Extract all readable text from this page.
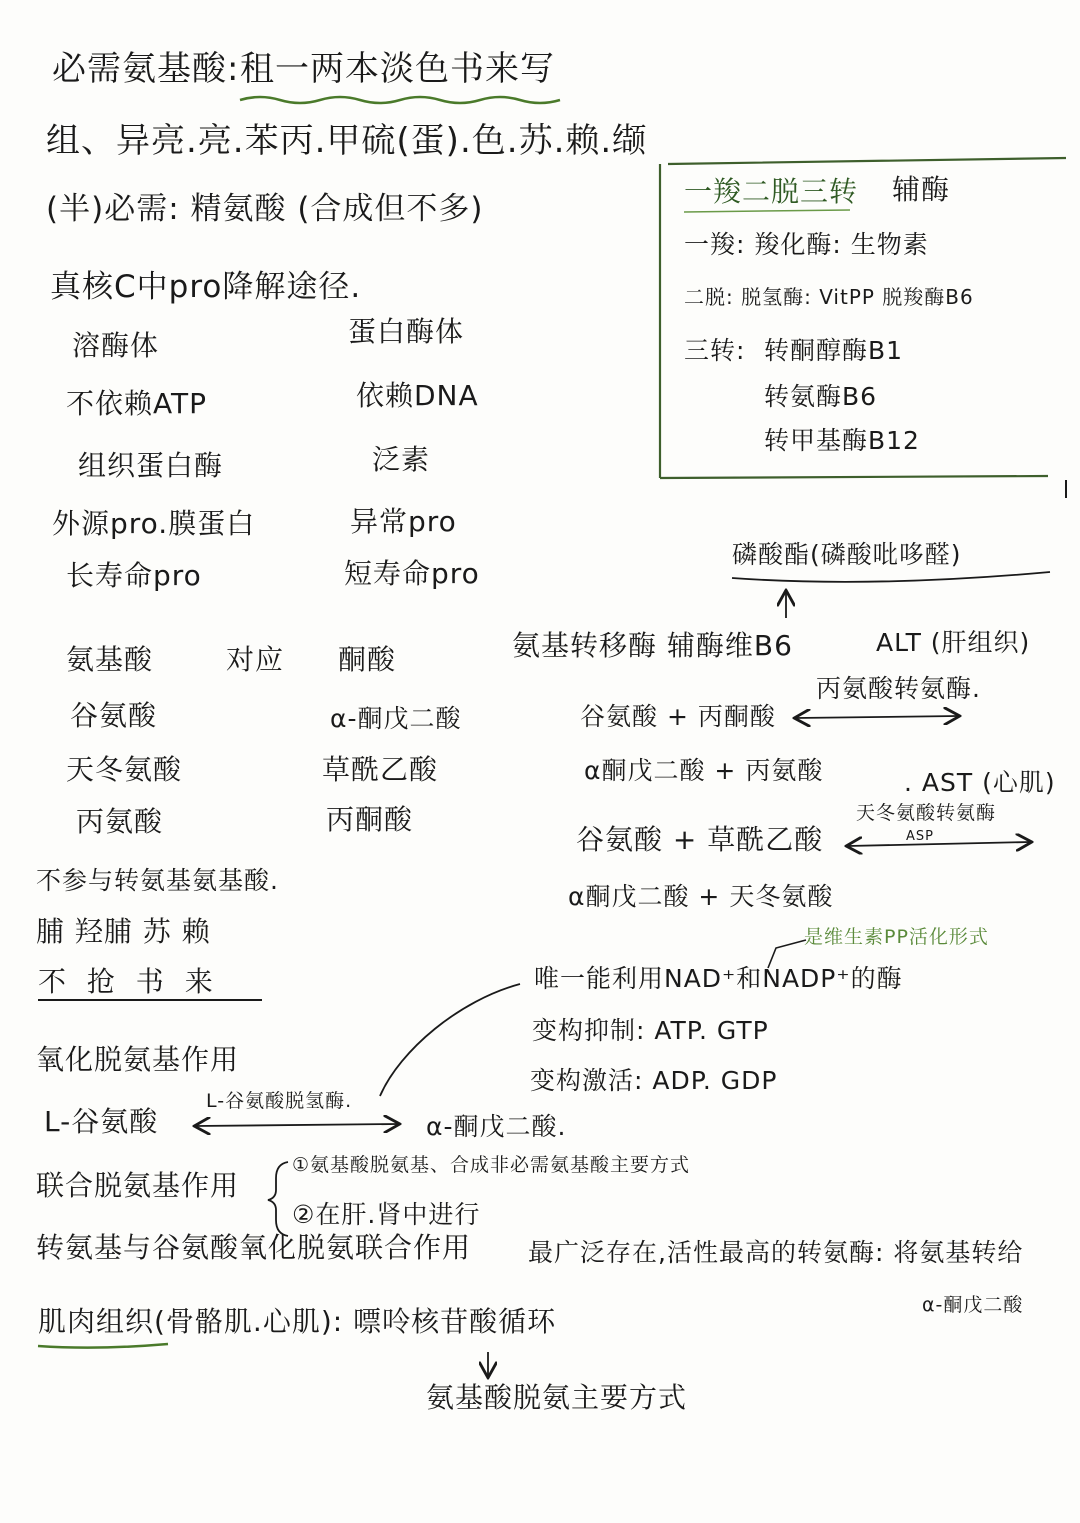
必需氨基酸: 租一两本淡色书来写
组、异亮.亮.苯丙.甲硫(蛋).色.苏.赖.缬
(半)必需: 精氨酸 (合成但不多)
真核C中pro降解途径.
溶酶体
不依赖ATP
组织蛋白酶
外源pro.膜蛋白
长寿命pro
蛋白酶体
依赖DNA
泛素
异常pro
短寿命pro
一羧二脱三转 辅酶
一羧: 羧化酶: 生物素
二脱: 脱氢酶: VitPP 脱羧酶B6
三转: 转酮醇酶B1
转氨酶B6
转甲基酶B12
氨基酸	对应 酮酸
谷氨酸	α-酮戊二酸
天冬氨酸	草酰乙酸
丙氨酸	丙酮酸
磷酸酯(磷酸吡哆醛)
氨基转移酶 辅酶维B6	ALT (肝组织)
丙氨酸转氨酶.
谷氨酸 + 丙酮酸
α酮戊二酸 + 丙氨酸	. AST (心肌)
天冬氨酸转氨酶
ASP
谷氨酸 + 草酰乙酸
α酮戊二酸 + 天冬氨酸
不参与转氨基氨基酸.
脯 羟脯 苏 赖
不 抢 书 来
氧化脱氨基作用
L-谷氨酸
L-谷氨酸脱氢酶.
α-酮戊二酸.
是维生素PP活化形式
唯一能利用NAD⁺和NADP⁺的酶
变构抑制: ATP. GTP
变构激活: ADP. GDP
联合脱氨基作用
①氨基酸脱氨基、合成非必需氨基酸主要方式
②在肝.肾中进行
转氨基与谷氨酸氧化脱氨联合作用 最广泛存在,活性最高的转氨酶: 将氨基转给
α-酮戊二酸
肌肉组织(骨骼肌.心肌): 嘌呤核苷酸循环
氨基酸脱氨主要方式
